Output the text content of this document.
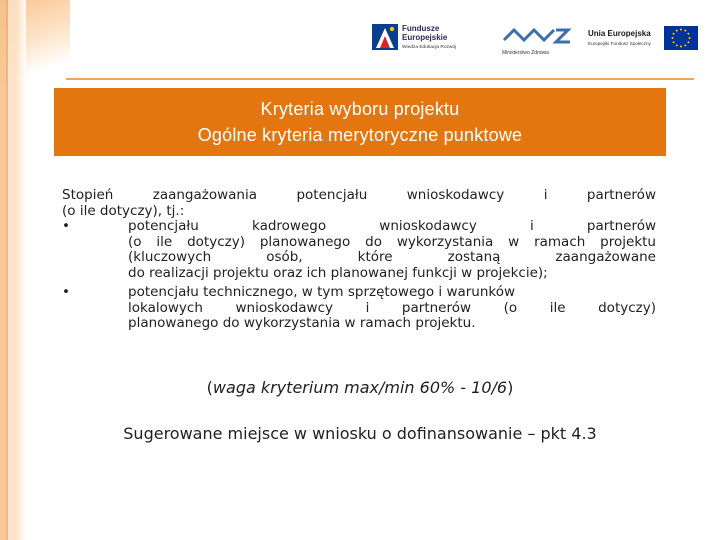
Fundusze
Europejskie
Wiedza Edukacja Rozwój
Ministerstwo Zdrowia
Unia Europejska
Europejski Fundusz Społeczny
Kryteria wyboru projektu
Ogólne kryteria merytoryczne punktowe
Stopień zaangażowania potencjału wnioskodawcy i partnerów
(o ile dotyczy), tj.:
•	potencjału kadrowego wnioskodawcy i partnerów
(o ile dotyczy) planowanego do wykorzystania w ramach projektu
(kluczowych osób, które zostaną zaangażowane
do realizacji projektu oraz ich planowanej funkcji w projekcie);
•	potencjału technicznego, w tym sprzętowego i warunków
lokalowych wnioskodawcy i partnerów (o ile dotyczy)
planowanego do wykorzystania w ramach projektu.
(waga kryterium max/min 60% - 10/6)
Sugerowane miejsce w wniosku o dofinansowanie – pkt 4.3
